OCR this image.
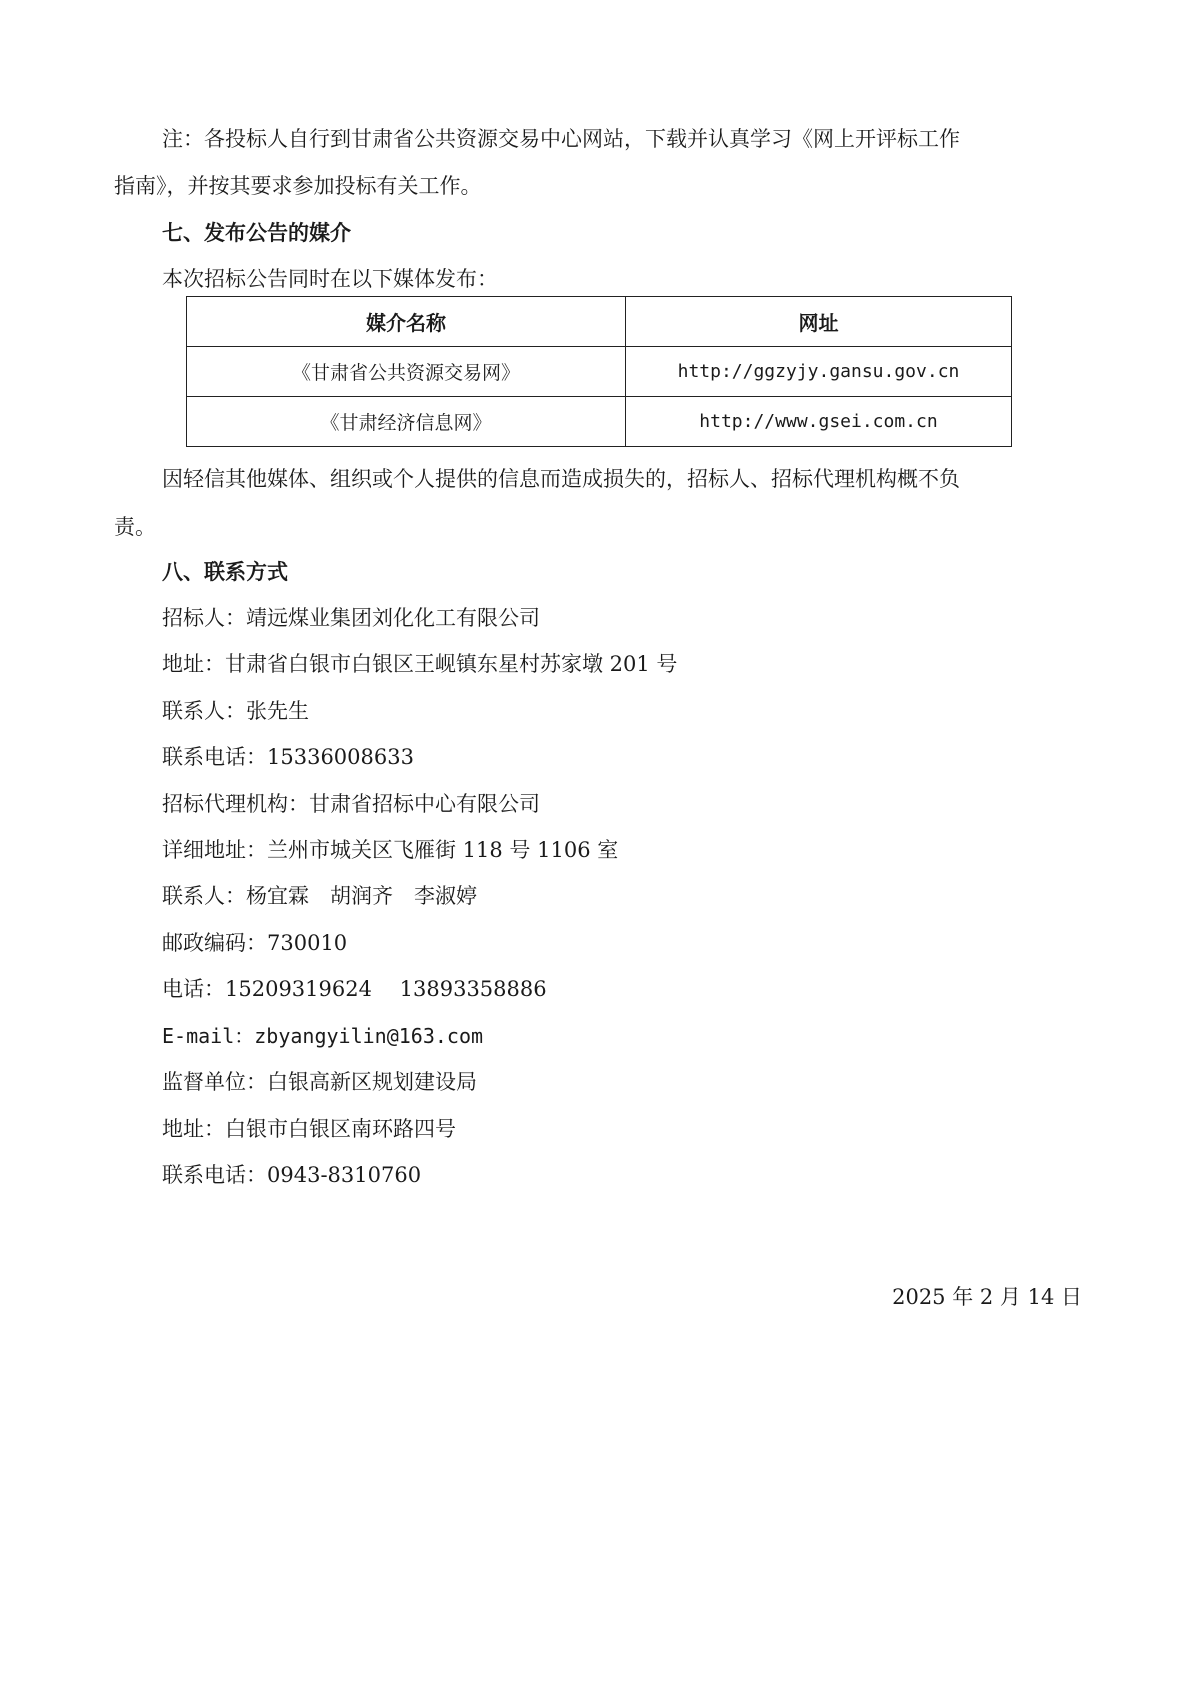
注：各投标人自行到甘肃省公共资源交易中心网站，下载并认真学习《网上开评标工作
指南》，并按其要求参加投标有关工作。
七、发布公告的媒介
本次招标公告同时在以下媒体发布：
媒介名称	网址
《甘肃省公共资源交易网》	http://ggzyjy.gansu.gov.cn
《甘肃经济信息网》	http://www.gsei.com.cn
因轻信其他媒体、组织或个人提供的信息而造成损失的，招标人、招标代理机构概不负
责。
八、联系方式
招标人：靖远煤业集团刘化化工有限公司
地址：甘肃省白银市白银区王岘镇东星村苏家墩 201 号
联系人：张先生
联系电话：15336008633
招标代理机构：甘肃省招标中心有限公司
详细地址：兰州市城关区飞雁街 118 号 1106 室
联系人：杨宜霖　胡润齐　李淑婷
邮政编码：730010
电话：15209319624　 13893358886
E-mail：zbyangyilin@163.com
监督单位：白银高新区规划建设局
地址：白银市白银区南环路四号
联系电话：0943-8310760
2025 年 2 月 14 日
